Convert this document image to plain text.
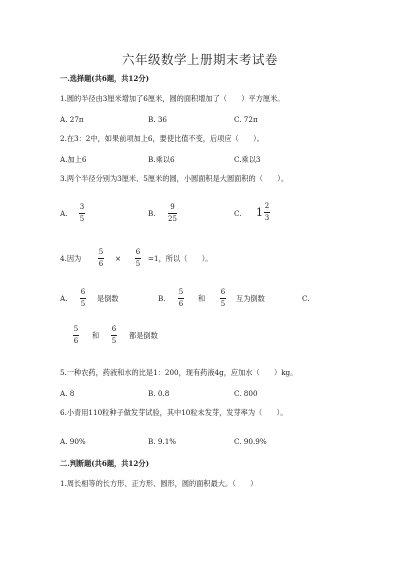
六年级数学上册期末考试卷
一.选择题(共6题，共12分)
1.圆的半径由3厘米增加了6厘米，圆的面积增加了（　　）平方厘米。
A. 27π	B. 36	C. 72π
2.在3：2中，如果前项加上6，要使比值不变，后项应（　　）。
A.加上6	B.乘以6	C.乘以3
3.两个半径分别为3厘米、5厘米的圆，小圆面积是大圆面积的（　　）。
A.
3
5
B.
9
25
C. $1 \frac{2}{3}$
4.因为
5
6
×
6
5
=1，所以（　　）。
A.
6
5
是倒数	B.
5
6
和
6
5
互为倒数	C.
5
6
和
6
5
都是倒数
5.一种农药，药液和水的比是1：200，现有药液4g，应加水（　　）kg。
A. 8	B. 0.8	C. 800
6.小青用110粒种子做发芽试验，其中10粒未发芽，发芽率为（　　）。
A. 90%	B. 9.1%	C. 90.9%
二.判断题(共6题，共12分)
1.周长相等的长方形、正方形、圆形，圆的面积最大。（　　）
